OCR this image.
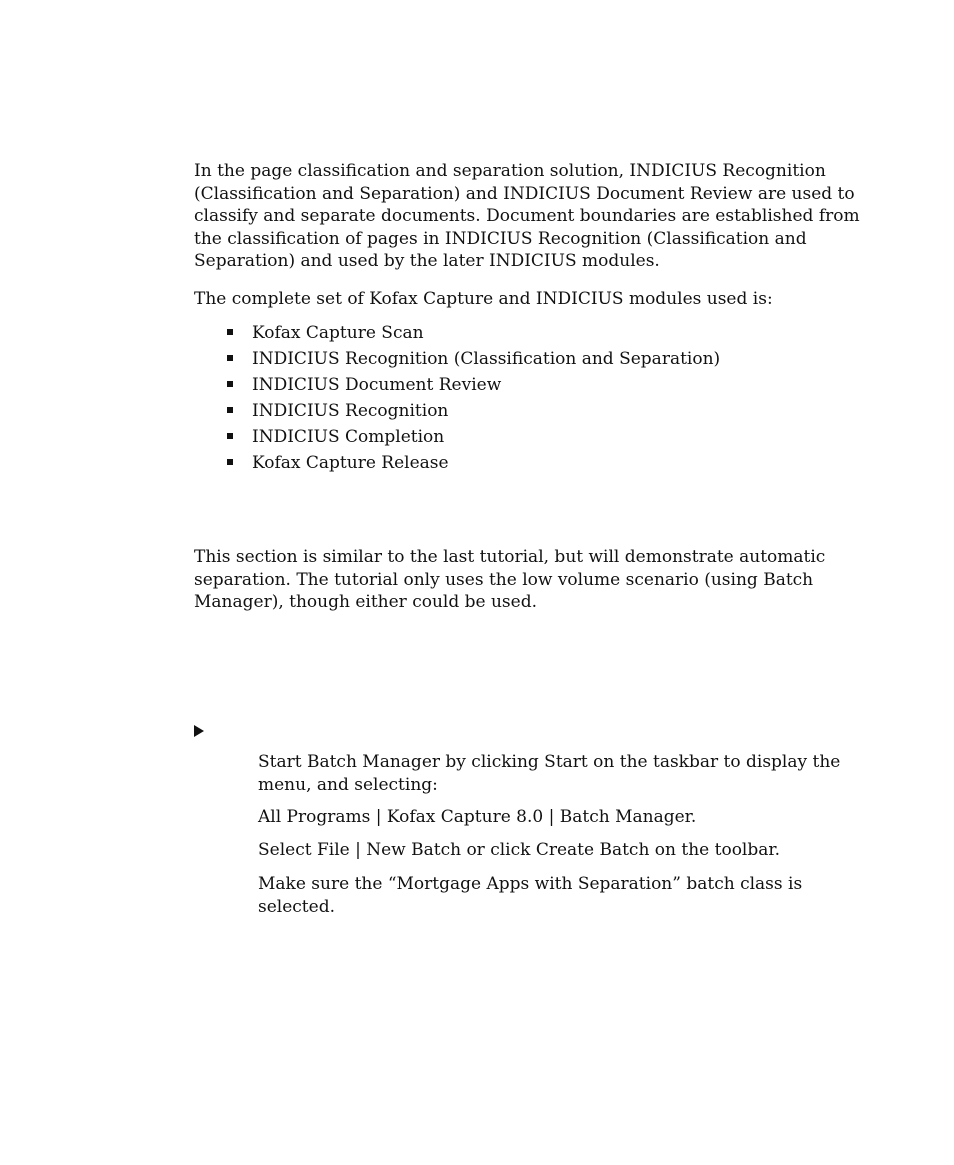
In the page classification and separation solution, INDICIUS Recognition (Classification and Separation) and INDICIUS Document Review are used to classify and separate documents. Document boundaries are established from the classification of pages in INDICIUS Recognition (Classification and Separation) and used by the later INDICIUS modules.

The complete set of Kofax Capture and INDICIUS modules used is:

Kofax Capture Scan
INDICIUS Recognition (Classification and Separation)
INDICIUS Document Review
INDICIUS Recognition
INDICIUS Completion
Kofax Capture Release

This section is similar to the last tutorial, but will demonstrate automatic separation. The tutorial only uses the low volume scenario (using Batch Manager), though either could be used.

Start Batch Manager by clicking Start on the taskbar to display the menu, and selecting:

All Programs | Kofax Capture 8.0 | Batch Manager.

Select File | New Batch or click Create Batch on the toolbar.

Make sure the “Mortgage Apps with Separation” batch class is selected.
